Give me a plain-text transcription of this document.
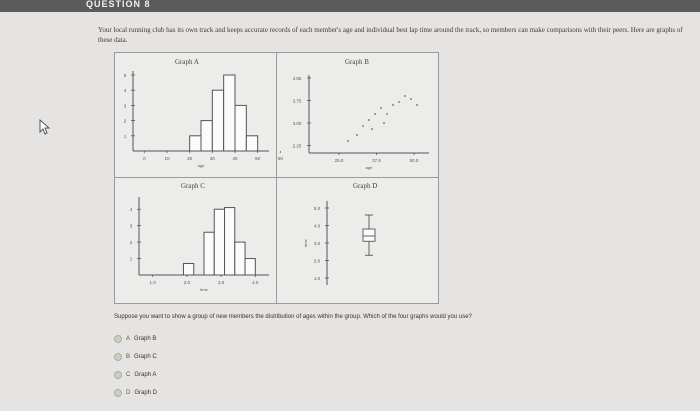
QUESTION 8
Your local running club has its own track and keeps accurate records of each member's age and individual best lap time around the track, so members can make comparisons with their peers. Here are graphs of these data.
Graph A	Graph B
Graph C	Graph D
1
2
3
4
5
0	10	20	30	40	50	60
age
2.25
3.00
3.75
4.50
25.0	37.5	50.0
age
1
2
3
4
1.0	2.0	3.0	4.0
time
1.0
2.0
3.0
4.0
5.0
time
Suppose you want to show a group of new members the distribution of ages within the group. Which of the four graphs would you use?
A Graph B
B Graph C
C Graph A
D Graph D
